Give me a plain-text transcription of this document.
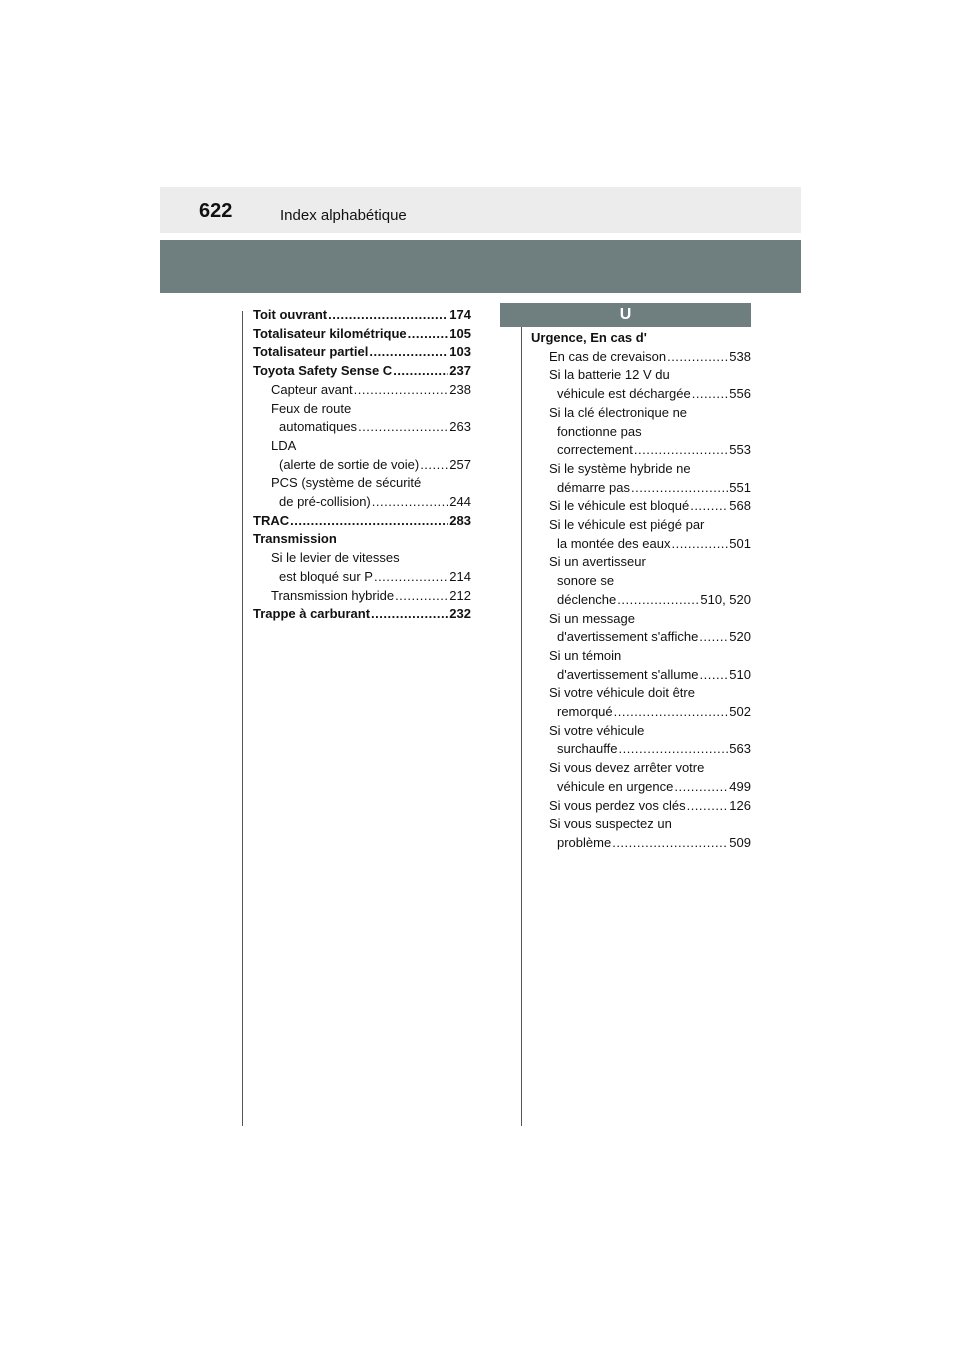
622	Index alphabétique
Toit ouvrant .....	174
Totalisateur kilométrique .....	105
Totalisateur partiel .....	103
Toyota Safety Sense C .....	237
Capteur avant .....	238
Feux de route
automatiques .....	263
LDA
(alerte de sortie de voie) ..... 257
PCS (système de sécurité
de pré-collision) .....	244
TRAC .....	283
Transmission
Si le levier de vitesses
est bloqué sur P .....	214
Transmission hybride .....	212
Trappe à carburant .....	232
U
Urgence, En cas d'
En cas de crevaison .....	538
Si la batterie 12 V du
véhicule est déchargée .....	556
Si la clé électronique ne
fonctionne pas
correctement .....	553
Si le système hybride ne
démarre pas .....	551
Si le véhicule est bloqué .....	568
Si le véhicule est piégé par
la montée des eaux .....	501
Si un avertisseur
sonore se
déclenche .....	510, 520
Si un message
d'avertissement s'affiche ..... 520
Si un témoin
d'avertissement s'allume ..... 510
Si votre véhicule doit être
remorqué .....	502
Si votre véhicule
surchauffe .....	563
Si vous devez arrêter votre
véhicule en urgence .....	499
Si vous perdez vos clés .....	126
Si vous suspectez un
problème .....	509
